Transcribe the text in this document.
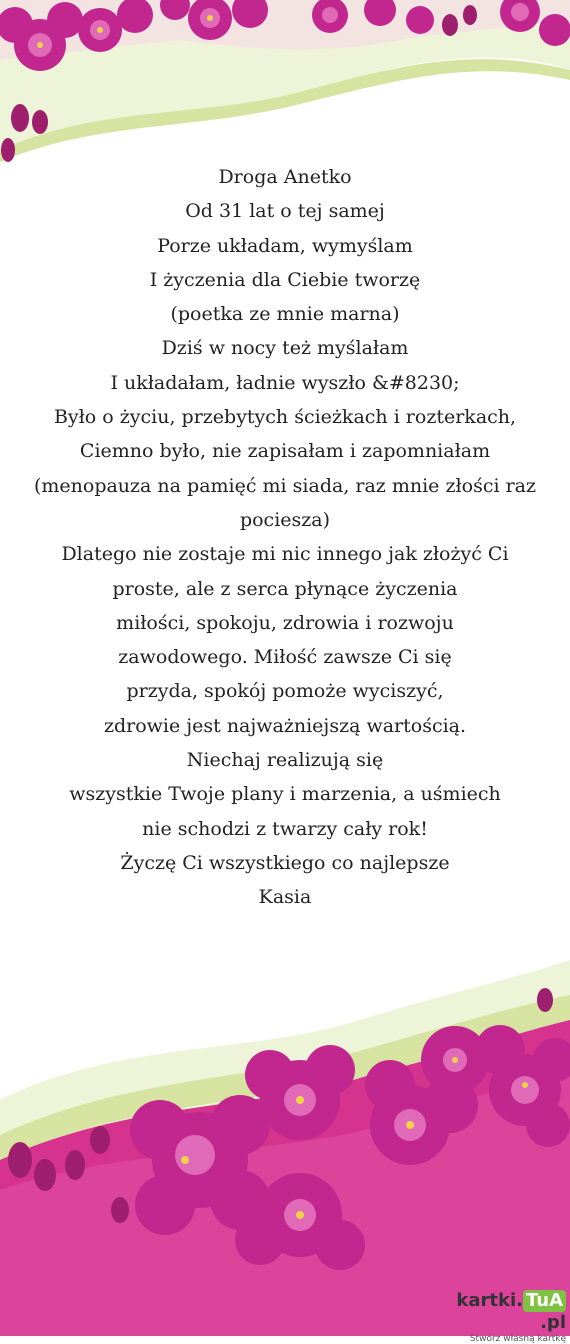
Droga Anetko
Od 31 lat o tej samej
Porze układam, wymyślam
I życzenia dla Ciebie tworzę
(poetka ze mnie marna)
Dziś w nocy też myślałam
I układałam, ładnie wyszło &#8230;
Było o życiu, przebytych ścieżkach i rozterkach,
Ciemno było, nie zapisałam i zapomniałam
(menopauza na pamięć mi siada, raz mnie złości raz pociesza)
Dlatego nie zostaje mi nic innego jak złożyć Ci
proste, ale z serca płynące życzenia
miłości, spokoju, zdrowia i rozwoju
zawodowego. Miłość zawsze Ci się
przyda, spokój pomoże wyciszyć,
zdrowie jest najważniejszą wartością.
Niechaj realizują się
wszystkie Twoje plany i marzenia, a uśmiech
nie schodzi z twarzy cały rok!
Życzę Ci wszystkiego co najlepsze
Kasia
kartki. TuA.pl
Stwórz własną kartkę
